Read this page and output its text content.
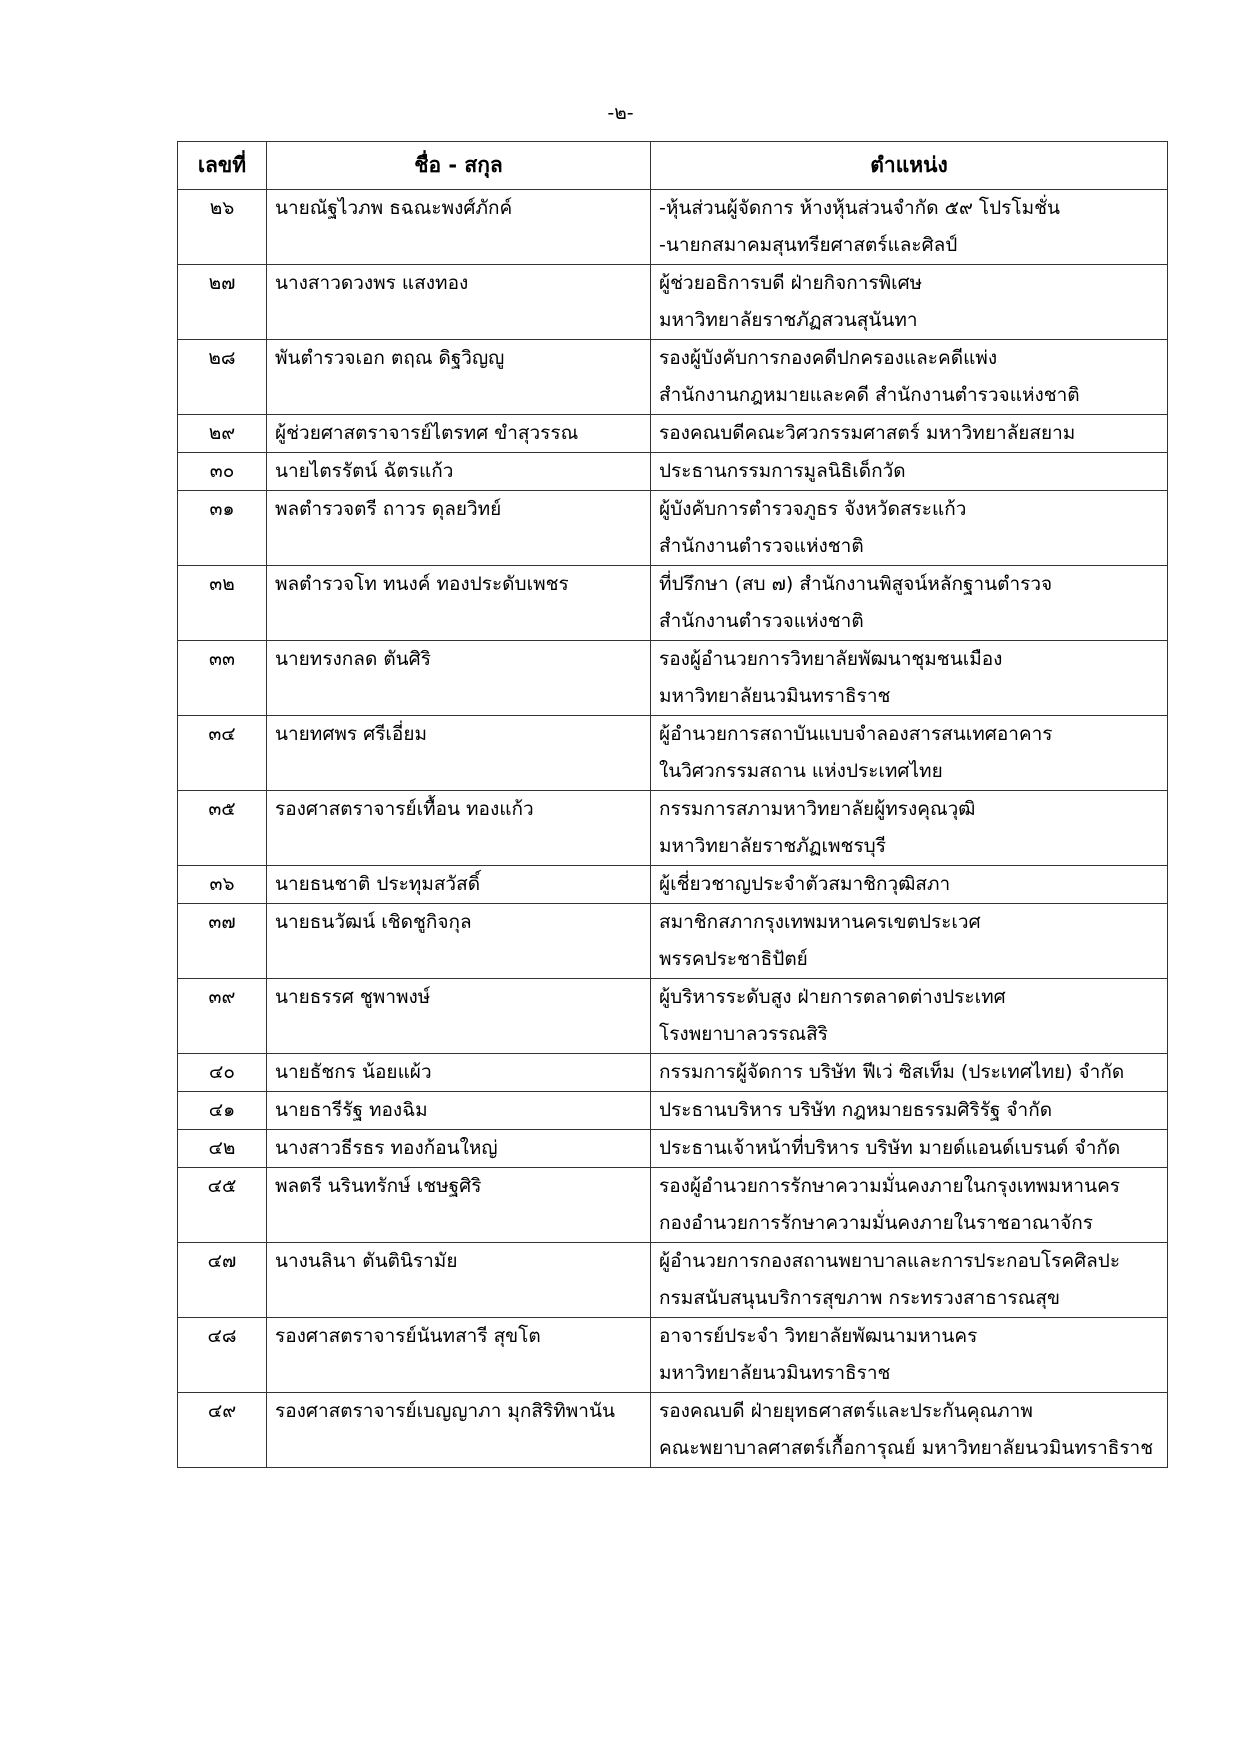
-๒-
เลขที่	ชื่อ - สกุล	ตำแหน่ง
๒๖	นายณัฐไวภพ ธฉณะพงศ์ภักค์	-หุ้นส่วนผู้จัดการ ห้างหุ้นส่วนจำกัด ๕๙ โปรโมชั่น
-นายกสมาคมสุนทรียศาสตร์และศิลป์

๒๗	นางสาวดวงพร แสงทอง	ผู้ช่วยอธิการบดี ฝ่ายกิจการพิเศษ
มหาวิทยาลัยราชภัฏสวนสุนันทา

๒๘	พันตำรวจเอก ตฤณ ดิฐวิญญู	รองผู้บังคับการกองคดีปกครองและคดีแพ่ง
สำนักงานกฎหมายและคดี สำนักงานตำรวจแห่งชาติ

๒๙	ผู้ช่วยศาสตราจารย์ไตรทศ ขำสุวรรณ	รองคณบดีคณะวิศวกรรมศาสตร์ มหาวิทยาลัยสยาม

๓๐	นายไตรรัตน์ ฉัตรแก้ว	ประธานกรรมการมูลนิธิเด็กวัด

๓๑	พลตำรวจตรี ถาวร ดุลยวิทย์	ผู้บังคับการตำรวจภูธร จังหวัดสระแก้ว
สำนักงานตำรวจแห่งชาติ

๓๒	พลตำรวจโท ทนงค์ ทองประดับเพชร	ที่ปรึกษา (สบ ๗) สำนักงานพิสูจน์หลักฐานตำรวจ
สำนักงานตำรวจแห่งชาติ

๓๓	นายทรงกลด ตันศิริ	รองผู้อำนวยการวิทยาลัยพัฒนาชุมชนเมือง
มหาวิทยาลัยนวมินทราธิราช

๓๔	นายทศพร ศรีเอี่ยม	ผู้อำนวยการสถาบันแบบจำลองสารสนเทศอาคาร
ในวิศวกรรมสถาน แห่งประเทศไทย

๓๕	รองศาสตราจารย์เทื้อน ทองแก้ว	กรรมการสภามหาวิทยาลัยผู้ทรงคุณวุฒิ
มหาวิทยาลัยราชภัฏเพชรบุรี

๓๖	นายธนชาติ ประทุมสวัสดิ์	ผู้เชี่ยวชาญประจำตัวสมาชิกวุฒิสภา

๓๗	นายธนวัฒน์ เชิดชูกิจกุล	สมาชิกสภากรุงเทพมหานครเขตประเวศ
พรรคประชาธิปัตย์

๓๙	นายธรรศ ชูพาพงษ์	ผู้บริหารระดับสูง ฝ่ายการตลาดต่างประเทศ
โรงพยาบาลวรรณสิริ

๔๐	นายธัชกร น้อยแผ้ว	กรรมการผู้จัดการ บริษัท ฟีเว่ ซิสเท็ม (ประเทศไทย) จำกัด

๔๑	นายธารีรัฐ ทองฉิม	ประธานบริหาร บริษัท กฎหมายธรรมศิริรัฐ จำกัด

๔๒	นางสาวธีรธร ทองก้อนใหญ่	ประธานเจ้าหน้าที่บริหาร บริษัท มายด์แอนด์เบรนด์ จำกัด

๔๕	พลตรี นรินทรักษ์ เชษฐศิริ	รองผู้อำนวยการรักษาความมั่นคงภายในกรุงเทพมหานคร
กองอำนวยการรักษาความมั่นคงภายในราชอาณาจักร

๔๗	นางนลินา ตันตินิรามัย	ผู้อำนวยการกองสถานพยาบาลและการประกอบโรคศิลปะ
กรมสนับสนุนบริการสุขภาพ กระทรวงสาธารณสุข

๔๘	รองศาสตราจารย์นันทสารี สุขโต	อาจารย์ประจำ วิทยาลัยพัฒนามหานคร
มหาวิทยาลัยนวมินทราธิราช

๔๙	รองศาสตราจารย์เบญญาภา มุกสิริทิพานัน	รองคณบดี ฝ่ายยุทธศาสตร์และประกันคุณภาพ
คณะพยาบาลศาสตร์เกื้อการุณย์ มหาวิทยาลัยนวมินทราธิราช
